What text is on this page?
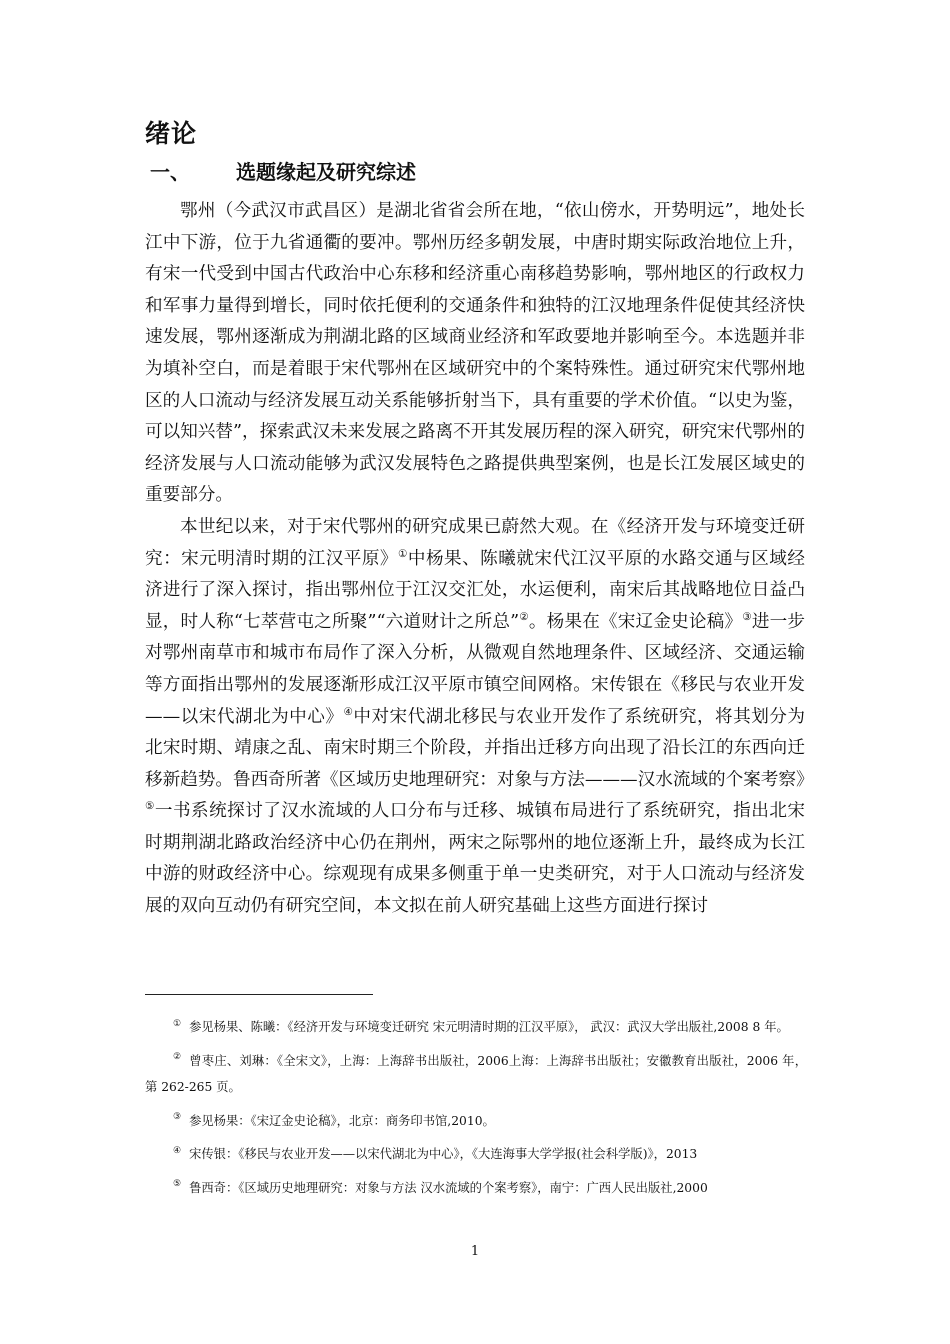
绪论
一、	选题缘起及研究综述

鄂州（今武汉市武昌区）是湖北省省会所在地，“依山傍水，开势明远”，地处长江中下游，位于九省通衢的要冲。鄂州历经多朝发展，中唐时期实际政治地位上升，有宋一代受到中国古代政治中心东移和经济重心南移趋势影响，鄂州地区的行政权力和军事力量得到增长，同时依托便利的交通条件和独特的江汉地理条件促使其经济快速发展，鄂州逐渐成为荆湖北路的区域商业经济和军政要地并影响至今。本选题并非为填补空白，而是着眼于宋代鄂州在区域研究中的个案特殊性。通过研究宋代鄂州地区的人口流动与经济发展互动关系能够折射当下，具有重要的学术价值。“以史为鉴，可以知兴替”，探索武汉未来发展之路离不开其发展历程的深入研究，研究宋代鄂州的经济发展与人口流动能够为武汉发展特色之路提供典型案例，也是长江发展区域史的重要部分。

本世纪以来，对于宋代鄂州的研究成果已蔚然大观。在《经济开发与环境变迁研究：宋元明清时期的江汉平原》①中杨果、陈曦就宋代江汉平原的水路交通与区域经济进行了深入探讨，指出鄂州位于江汉交汇处，水运便利，南宋后其战略地位日益凸显，时人称“七萃营屯之所聚”“六道财计之所总”②。杨果在《宋辽金史论稿》③进一步对鄂州南草市和城市布局作了深入分析，从微观自然地理条件、区域经济、交通运输等方面指出鄂州的发展逐渐形成江汉平原市镇空间网格。宋传银在《移民与农业开发——以宋代湖北为中心》④中对宋代湖北移民与农业开发作了系统研究，将其划分为北宋时期、靖康之乱、南宋时期三个阶段，并指出迁移方向出现了沿长江的东西向迁移新趋势。鲁西奇所著《区域历史地理研究：对象与方法———汉水流域的个案考察》⑤一书系统探讨了汉水流域的人口分布与迁移、城镇布局进行了系统研究，指出北宋时期荆湖北路政治经济中心仍在荆州，两宋之际鄂州的地位逐渐上升，最终成为长江中游的财政经济中心。综观现有成果多侧重于单一史类研究，对于人口流动与经济发展的双向互动仍有研究空间，本文拟在前人研究基础上这些方面进行探讨

① 参见杨果、陈曦：《经济开发与环境变迁研究 宋元明清时期的江汉平原》， 武汉：武汉大学出版社,2008 8 年。

② 曾枣庄、刘琳：《全宋文》，上海：上海辞书出版社，2006上海：上海辞书出版社；安徽教育出版社，2006 年，第 262-265 页。

③ 参见杨果：《宋辽金史论稿》，北京：商务印书馆,2010。

④ 宋传银：《移民与农业开发——以宋代湖北为中心》，《大连海事大学学报(社会科学版)》，2013

⑤ 鲁西奇：《区域历史地理研究：对象与方法 汉水流域的个案考察》，南宁：广西人民出版社,2000

1
